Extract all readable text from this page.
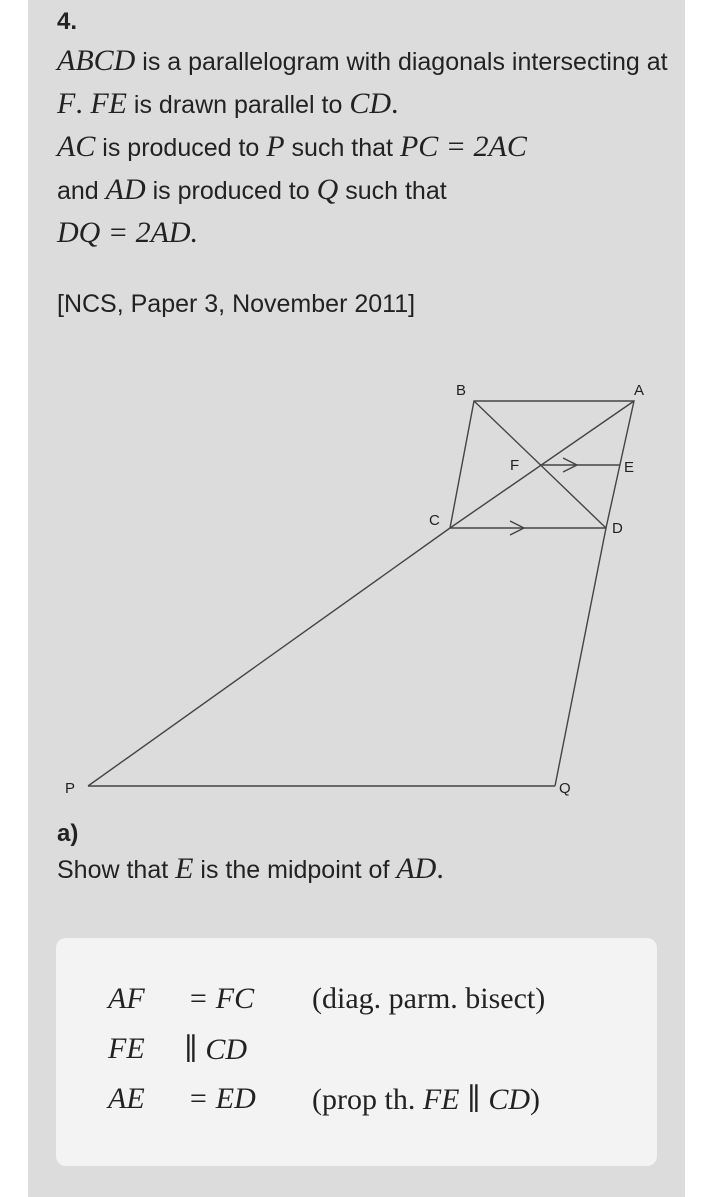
4.
ABCD is a parallelogram with diagonals intersecting at F. FE is drawn parallel to CD.
AC is produced to P such that PC = 2AC
and AD is produced to Q such that
DQ = 2AD.
[NCS, Paper 3, November 2011]
B	A
F	E
C	D
P	Q
a)
Show that E is the midpoint of AD.
AF = FC (diag. parm. bisect)
FE ∥ CD
AE = ED (prop th. FE ∥ CD)
